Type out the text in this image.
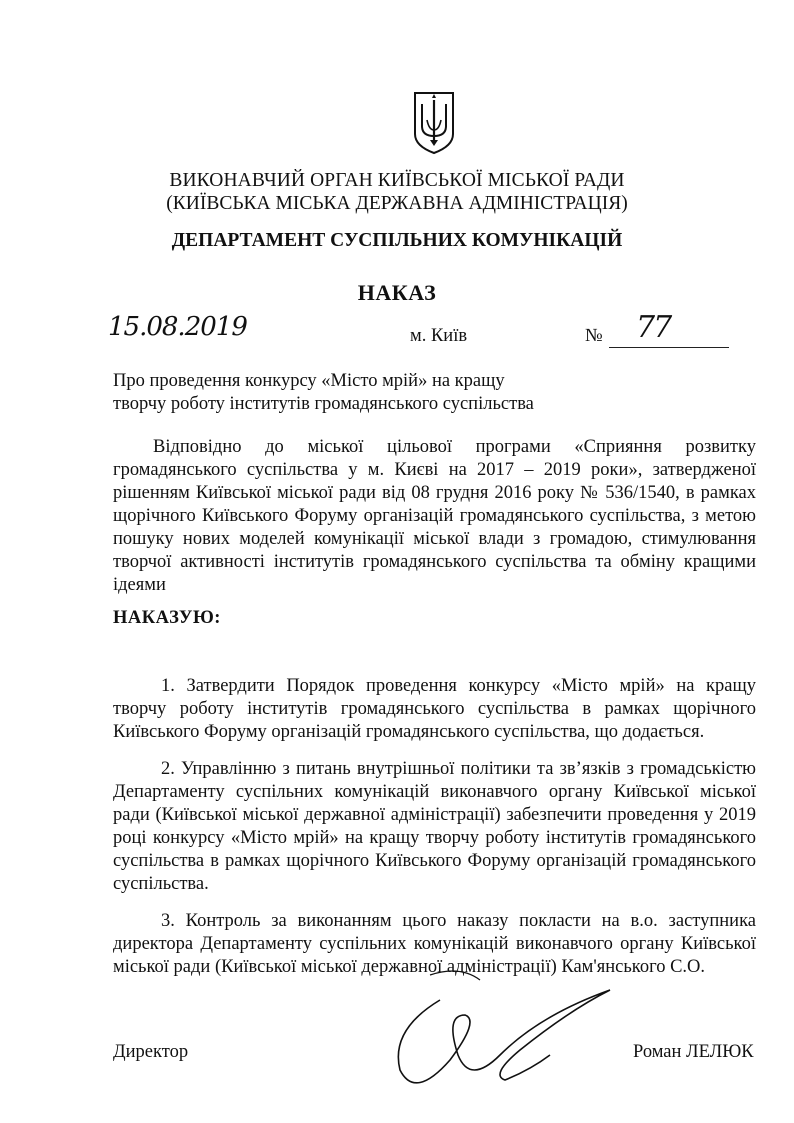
ВИКОНАВЧИЙ ОРГАН КИЇВСЬКОЇ МІСЬКОЇ РАДИ
(КИЇВСЬКА МІСЬКА ДЕРЖАВНА АДМІНІСТРАЦІЯ)
ДЕПАРТАМЕНТ СУСПІЛЬНИХ КОМУНІКАЦІЙ
НАКАЗ
15.08.2019	м. Київ	№ 77
Про проведення конкурсу «Місто мрій» на кращу
творчу роботу інститутів громадянського суспільства
Відповідно до міської цільової програми «Сприяння розвитку громадянського суспільства у м. Києві на 2017 – 2019 роки», затвердженої рішенням Київської міської ради від 08 грудня 2016 року № 536/1540, в рамках щорічного Київського Форуму організацій громадянського суспільства, з метою пошуку нових моделей комунікації міської влади з громадою, стимулювання творчої активності інститутів громадянського суспільства та обміну кращими ідеями
НАКАЗУЮ:
1. Затвердити Порядок проведення конкурсу «Місто мрій» на кращу творчу роботу інститутів громадянського суспільства в рамках щорічного Київського Форуму організацій громадянського суспільства, що додається.
2. Управлінню з питань внутрішньої політики та зв’язків з громадськістю Департаменту суспільних комунікацій виконавчого органу Київської міської ради (Київської міської державної адміністрації) забезпечити проведення у 2019 році конкурсу «Місто мрій» на кращу творчу роботу інститутів громадянського суспільства в рамках щорічного Київського Форуму організацій громадянського суспільства.
3. Контроль за виконанням цього наказу покласти на в.о. заступника директора Департаменту суспільних комунікацій виконавчого органу Київської міської ради (Київської міської державної адміністрації) Кам'янського С.О.
Директор	Роман ЛЕЛЮК
